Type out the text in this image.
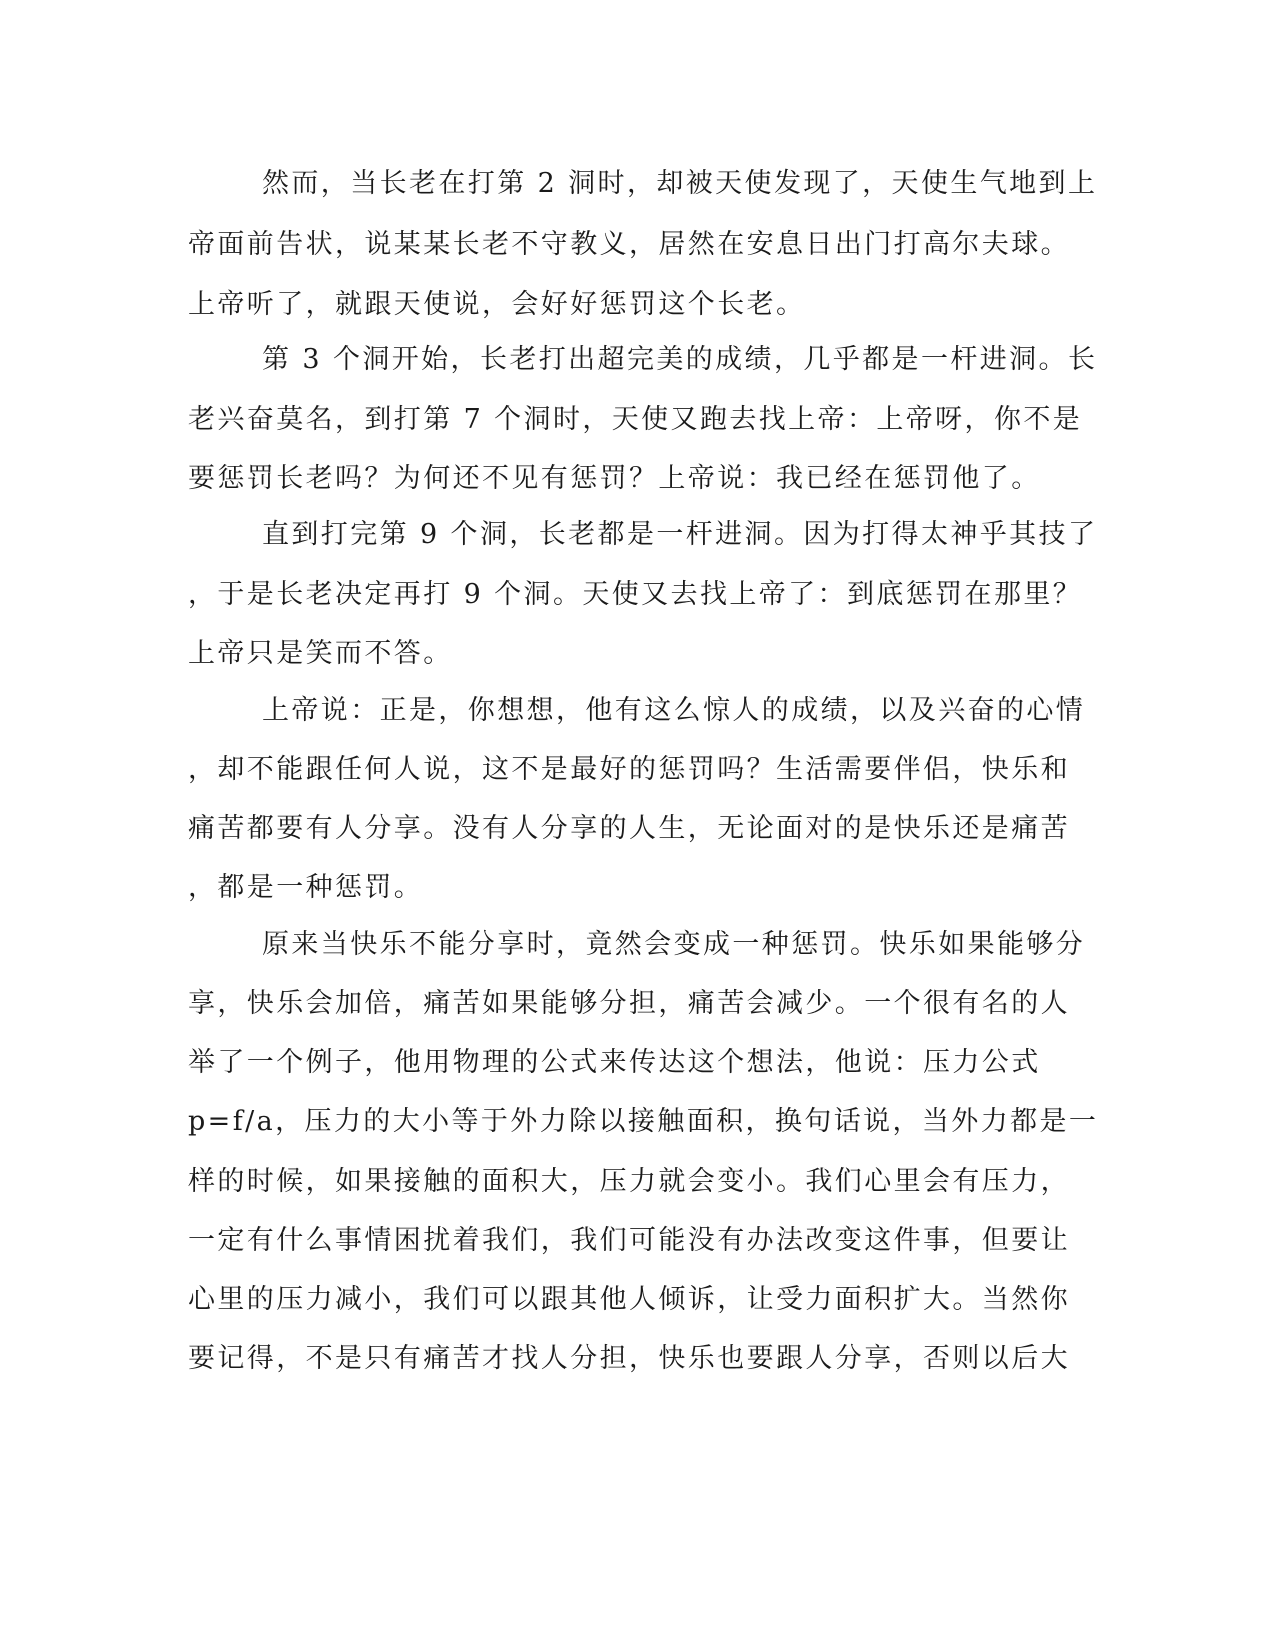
然而，当长老在打第 2 洞时，却被天使发现了，天使生气地到上
帝面前告状，说某某长老不守教义，居然在安息日出门打高尔夫球。
上帝听了，就跟天使说，会好好惩罚这个长老。
第 3 个洞开始，长老打出超完美的成绩，几乎都是一杆进洞。长
老兴奋莫名，到打第 7 个洞时，天使又跑去找上帝：上帝呀，你不是
要惩罚长老吗？为何还不见有惩罚？上帝说：我已经在惩罚他了。
直到打完第 9 个洞，长老都是一杆进洞。因为打得太神乎其技了
，于是长老决定再打 9 个洞。天使又去找上帝了：到底惩罚在那里？
上帝只是笑而不答。
上帝说：正是，你想想，他有这么惊人的成绩，以及兴奋的心情
，却不能跟任何人说，这不是最好的惩罚吗？生活需要伴侣，快乐和
痛苦都要有人分享。没有人分享的人生，无论面对的是快乐还是痛苦
，都是一种惩罚。
原来当快乐不能分享时，竟然会变成一种惩罚。快乐如果能够分
享，快乐会加倍，痛苦如果能够分担，痛苦会减少。一个很有名的人
举了一个例子，他用物理的公式来传达这个想法，他说：压力公式
p=f/a，压力的大小等于外力除以接触面积，换句话说，当外力都是一
样的时候，如果接触的面积大，压力就会变小。我们心里会有压力，
一定有什么事情困扰着我们，我们可能没有办法改变这件事，但要让
心里的压力减小，我们可以跟其他人倾诉，让受力面积扩大。当然你
要记得，不是只有痛苦才找人分担，快乐也要跟人分享，否则以后大
